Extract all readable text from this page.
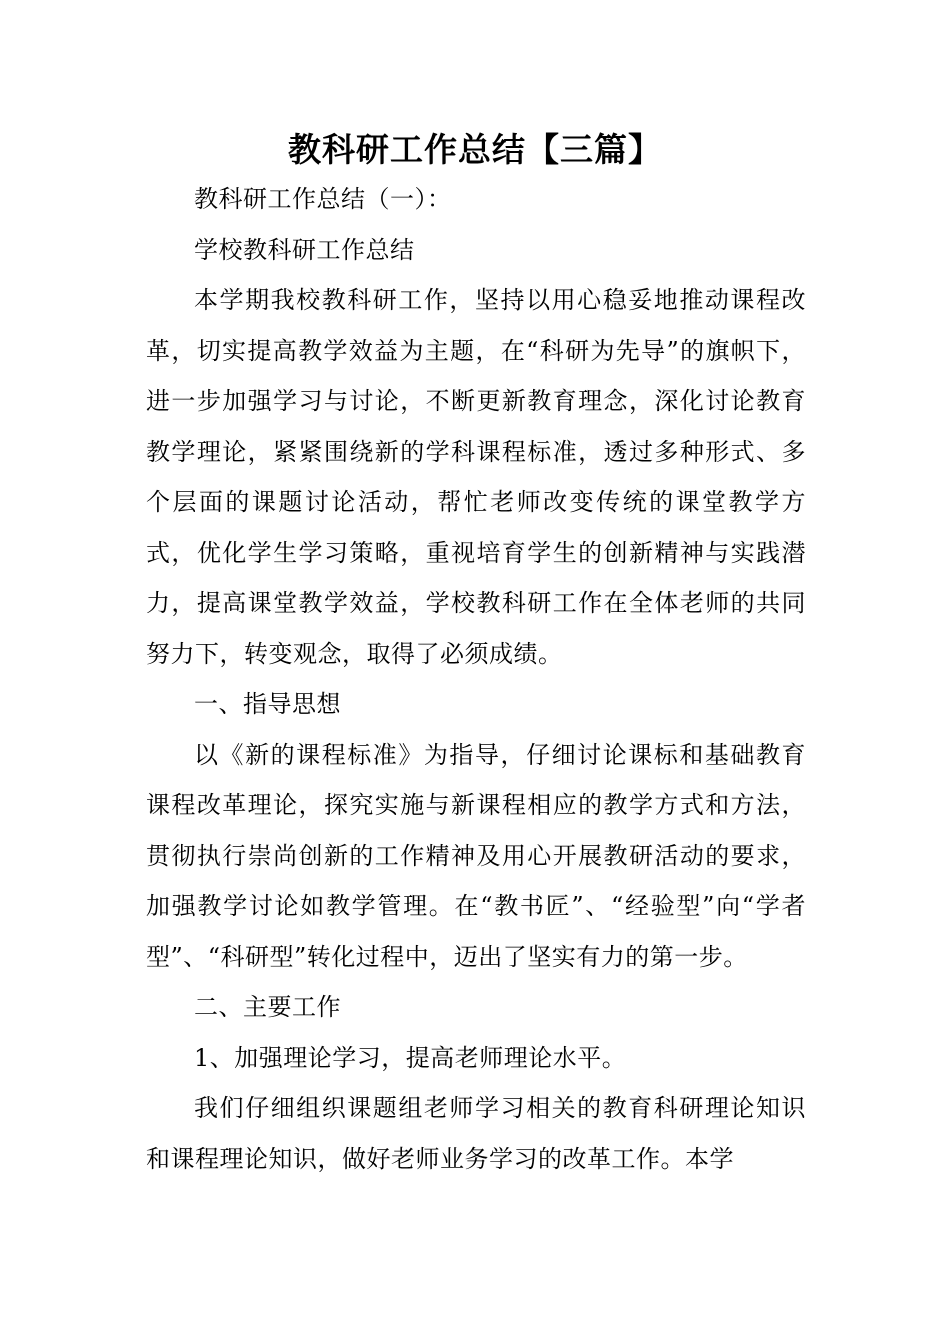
教科研工作总结【三篇】

教科研工作总结（一）：

学校教科研工作总结

本学期我校教科研工作，坚持以用心稳妥地推动课程改革，切实提高教学效益为主题，在“科研为先导”的旗帜下，进一步加强学习与讨论，不断更新教育理念，深化讨论教育教学理论，紧紧围绕新的学科课程标准，透过多种形式、多个层面的课题讨论活动，帮忙老师改变传统的课堂教学方式，优化学生学习策略，重视培育学生的创新精神与实践潜力，提高课堂教学效益，学校教科研工作在全体老师的共同努力下，转变观念，取得了必须成绩。

一、指导思想

以《新的课程标准》为指导，仔细讨论课标和基础教育课程改革理论，探究实施与新课程相应的教学方式和方法，贯彻执行崇尚创新的工作精神及用心开展教研活动的要求，加强教学讨论如教学管理。在“教书匠”、“经验型”向“学者型”、“科研型”转化过程中，迈出了坚实有力的第一步。

二、主要工作

1、加强理论学习，提高老师理论水平。

我们仔细组织课题组老师学习相关的教育科研理论知识和课程理论知识，做好老师业务学习的改革工作。本学
